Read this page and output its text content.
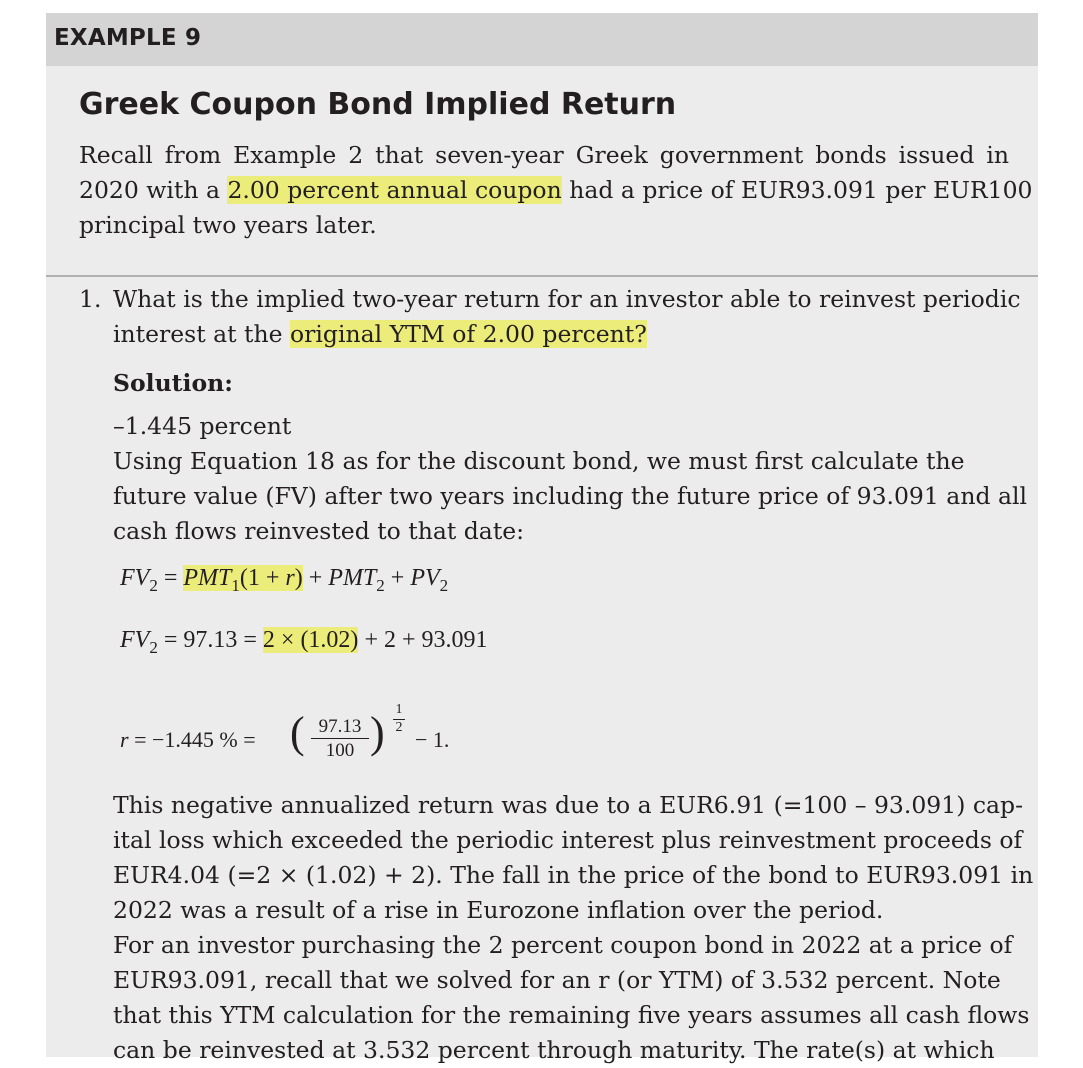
EXAMPLE 9
Greek Coupon Bond Implied Return
Recall from Example 2 that seven-year Greek government bonds issued in
2020 with a 2.00 percent annual coupon had a price of EUR93.091 per EUR100
principal two years later.
1. What is the implied two-year return for an investor able to reinvest periodic
interest at the original YTM of 2.00 percent?
Solution:
–1.445 percent
Using Equation 18 as for the discount bond, we must first calculate the
future value (FV) after two years including the future price of 93.091 and all
cash flows reinvested to that date:
$FV_2 = PMT_1(1 + r) + PMT_2 + PV_2$
$FV_2 = 97.13 = 2 \times (1.02) + 2 + 93.091$
r = −1.445 % = ( 97.13
100 ) 1
2 − 1.
This negative annualized return was due to a EUR6.91 (=100 – 93.091) cap-
ital loss which exceeded the periodic interest plus reinvestment proceeds of
EUR4.04 (=2 × (1.02) + 2). The fall in the price of the bond to EUR93.091 in
2022 was a result of a rise in Eurozone inflation over the period.
For an investor purchasing the 2 percent coupon bond in 2022 at a price of
EUR93.091, recall that we solved for an r (or YTM) of 3.532 percent. Note
that this YTM calculation for the remaining five years assumes all cash flows
can be reinvested at 3.532 percent through maturity. The rate(s) at which
